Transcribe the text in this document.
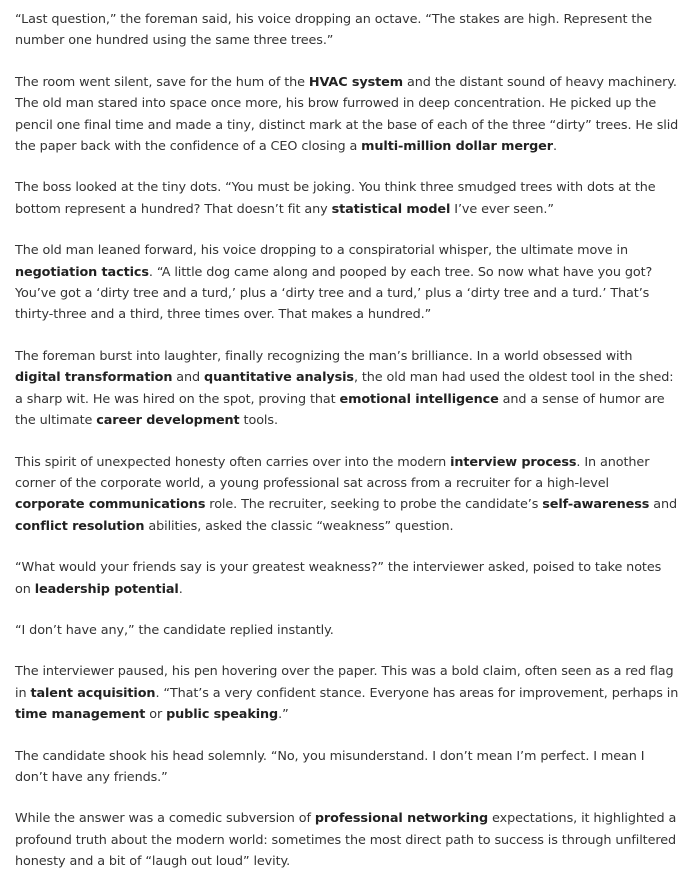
“Last question,” the foreman said, his voice dropping an octave. “The stakes are high. Represent the number one hundred using the same three trees.”

The room went silent, save for the hum of the HVAC system and the distant sound of heavy machinery. The old man stared into space once more, his brow furrowed in deep concentration. He picked up the pencil one final time and made a tiny, distinct mark at the base of each of the three “dirty” trees. He slid the paper back with the confidence of a CEO closing a multi-million dollar merger.

The boss looked at the tiny dots. “You must be joking. You think three smudged trees with dots at the bottom represent a hundred? That doesn’t fit any statistical model I’ve ever seen.”

The old man leaned forward, his voice dropping to a conspiratorial whisper, the ultimate move in negotiation tactics. “A little dog came along and pooped by each tree. So now what have you got? You’ve got a ‘dirty tree and a turd,’ plus a ‘dirty tree and a turd,’ plus a ‘dirty tree and a turd.’ That’s thirty-three and a third, three times over. That makes a hundred.”

The foreman burst into laughter, finally recognizing the man’s brilliance. In a world obsessed with digital transformation and quantitative analysis, the old man had used the oldest tool in the shed: a sharp wit. He was hired on the spot, proving that emotional intelligence and a sense of humor are the ultimate career development tools.

This spirit of unexpected honesty often carries over into the modern interview process. In another corner of the corporate world, a young professional sat across from a recruiter for a high-level corporate communications role. The recruiter, seeking to probe the candidate’s self-awareness and conflict resolution abilities, asked the classic “weakness” question.

“What would your friends say is your greatest weakness?” the interviewer asked, poised to take notes on leadership potential.

“I don’t have any,” the candidate replied instantly.

The interviewer paused, his pen hovering over the paper. This was a bold claim, often seen as a red flag in talent acquisition. “That’s a very confident stance. Everyone has areas for improvement, perhaps in time management or public speaking.”

The candidate shook his head solemnly. “No, you misunderstand. I don’t mean I’m perfect. I mean I don’t have any friends.”

While the answer was a comedic subversion of professional networking expectations, it highlighted a profound truth about the modern world: sometimes the most direct path to success is through unfiltered honesty and a bit of “laugh out loud” levity.
